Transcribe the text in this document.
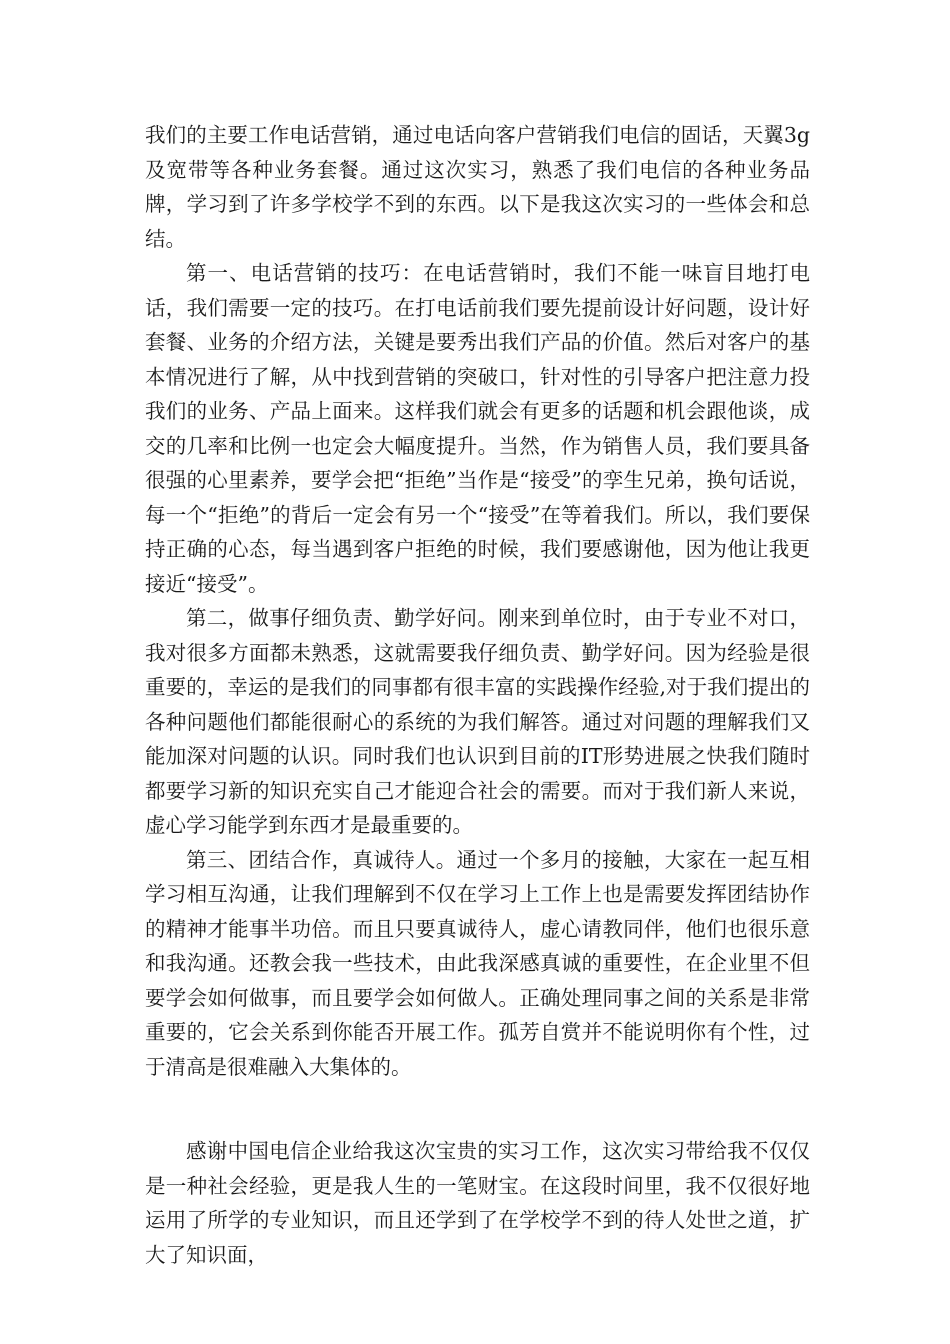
我们的主要工作电话营销，通过电话向客户营销我们电信的固话，天翼3g及宽带等各种业务套餐。通过这次实习，熟悉了我们电信的各种业务品牌，学习到了许多学校学不到的东西。以下是我这次实习的一些体会和总结。

第一、电话营销的技巧：在电话营销时，我们不能一味盲目地打电话，我们需要一定的技巧。在打电话前我们要先提前设计好问题，设计好套餐、业务的介绍方法，关键是要秀出我们产品的价值。然后对客户的基本情况进行了解，从中找到营销的突破口，针对性的引导客户把注意力投我们的业务、产品上面来。这样我们就会有更多的话题和机会跟他谈，成交的几率和比例一也定会大幅度提升。当然，作为销售人员，我们要具备很强的心里素养，要学会把“拒绝”当作是“接受”的孪生兄弟，换句话说，每一个“拒绝”的背后一定会有另一个“接受”在等着我们。所以，我们要保持正确的心态，每当遇到客户拒绝的时候，我们要感谢他，因为他让我更接近“接受”。

第二，做事仔细负责、勤学好问。刚来到单位时，由于专业不对口，我对很多方面都未熟悉，这就需要我仔细负责、勤学好问。因为经验是很重要的，幸运的是我们的同事都有很丰富的实践操作经验,对于我们提出的各种问题他们都能很耐心的系统的为我们解答。通过对问题的理解我们又能加深对问题的认识。同时我们也认识到目前的IT形势进展之快我们随时都要学习新的知识充实自己才能迎合社会的需要。而对于我们新人来说，虚心学习能学到东西才是最重要的。

第三、团结合作，真诚待人。通过一个多月的接触，大家在一起互相学习相互沟通，让我们理解到不仅在学习上工作上也是需要发挥团结协作的精神才能事半功倍。而且只要真诚待人，虚心请教同伴，他们也很乐意和我沟通。还教会我一些技术，由此我深感真诚的重要性，在企业里不但要学会如何做事，而且要学会如何做人。正确处理同事之间的关系是非常重要的，它会关系到你能否开展工作。孤芳自赏并不能说明你有个性，过于清高是很难融入大集体的。

感谢中国电信企业给我这次宝贵的实习工作，这次实习带给我不仅仅是一种社会经验，更是我人生的一笔财宝。在这段时间里，我不仅很好地运用了所学的专业知识，而且还学到了在学校学不到的待人处世之道，扩大了知识面，
